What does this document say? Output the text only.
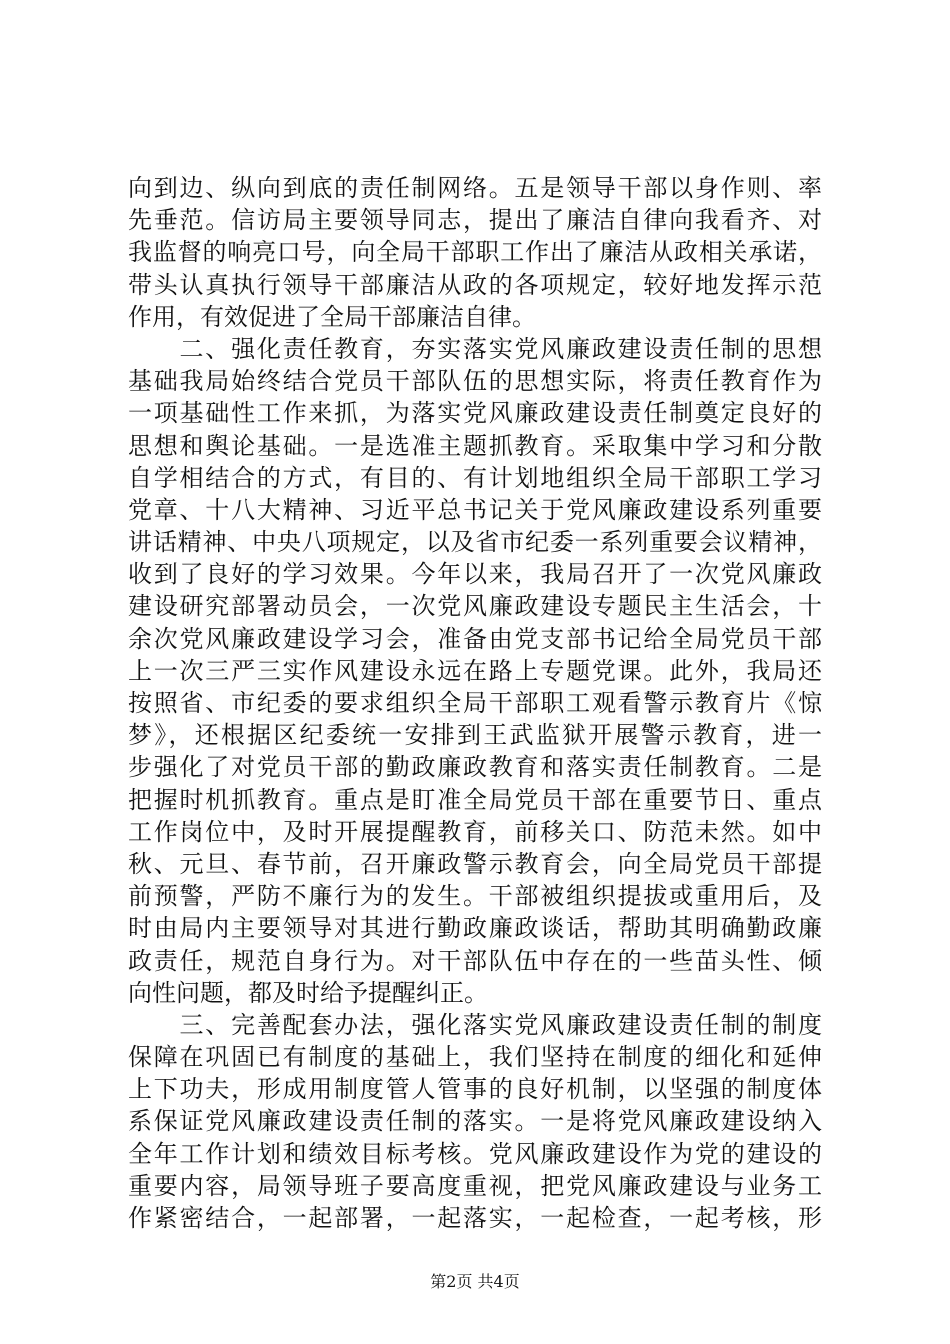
向到边、纵向到底的责任制网络。五是领导干部以身作则、率
先垂范。信访局主要领导同志，提出了廉洁自律向我看齐、对
我监督的响亮口号，向全局干部职工作出了廉洁从政相关承诺，
带头认真执行领导干部廉洁从政的各项规定，较好地发挥示范
作用，有效促进了全局干部廉洁自律。
　　二、强化责任教育，夯实落实党风廉政建设责任制的思想
基础我局始终结合党员干部队伍的思想实际，将责任教育作为
一项基础性工作来抓，为落实党风廉政建设责任制奠定良好的
思想和舆论基础。一是选准主题抓教育。采取集中学习和分散
自学相结合的方式，有目的、有计划地组织全局干部职工学习
党章、十八大精神、习近平总书记关于党风廉政建设系列重要
讲话精神、中央八项规定，以及省市纪委一系列重要会议精神，
收到了良好的学习效果。今年以来，我局召开了一次党风廉政
建设研究部署动员会，一次党风廉政建设专题民主生活会，十
余次党风廉政建设学习会，准备由党支部书记给全局党员干部
上一次三严三实作风建设永远在路上专题党课。此外，我局还
按照省、市纪委的要求组织全局干部职工观看警示教育片《惊
梦》，还根据区纪委统一安排到王武监狱开展警示教育，进一
步强化了对党员干部的勤政廉政教育和落实责任制教育。二是
把握时机抓教育。重点是盯准全局党员干部在重要节日、重点
工作岗位中，及时开展提醒教育，前移关口、防范未然。如中
秋、元旦、春节前，召开廉政警示教育会，向全局党员干部提
前预警，严防不廉行为的发生。干部被组织提拔或重用后，及
时由局内主要领导对其进行勤政廉政谈话，帮助其明确勤政廉
政责任，规范自身行为。对干部队伍中存在的一些苗头性、倾
向性问题，都及时给予提醒纠正。
　　三、完善配套办法，强化落实党风廉政建设责任制的制度
保障在巩固已有制度的基础上，我们坚持在制度的细化和延伸
上下功夫，形成用制度管人管事的良好机制，以坚强的制度体
系保证党风廉政建设责任制的落实。一是将党风廉政建设纳入
全年工作计划和绩效目标考核。党风廉政建设作为党的建设的
重要内容，局领导班子要高度重视，把党风廉政建设与业务工
作紧密结合，一起部署，一起落实，一起检查，一起考核，形
第2页 共4页
